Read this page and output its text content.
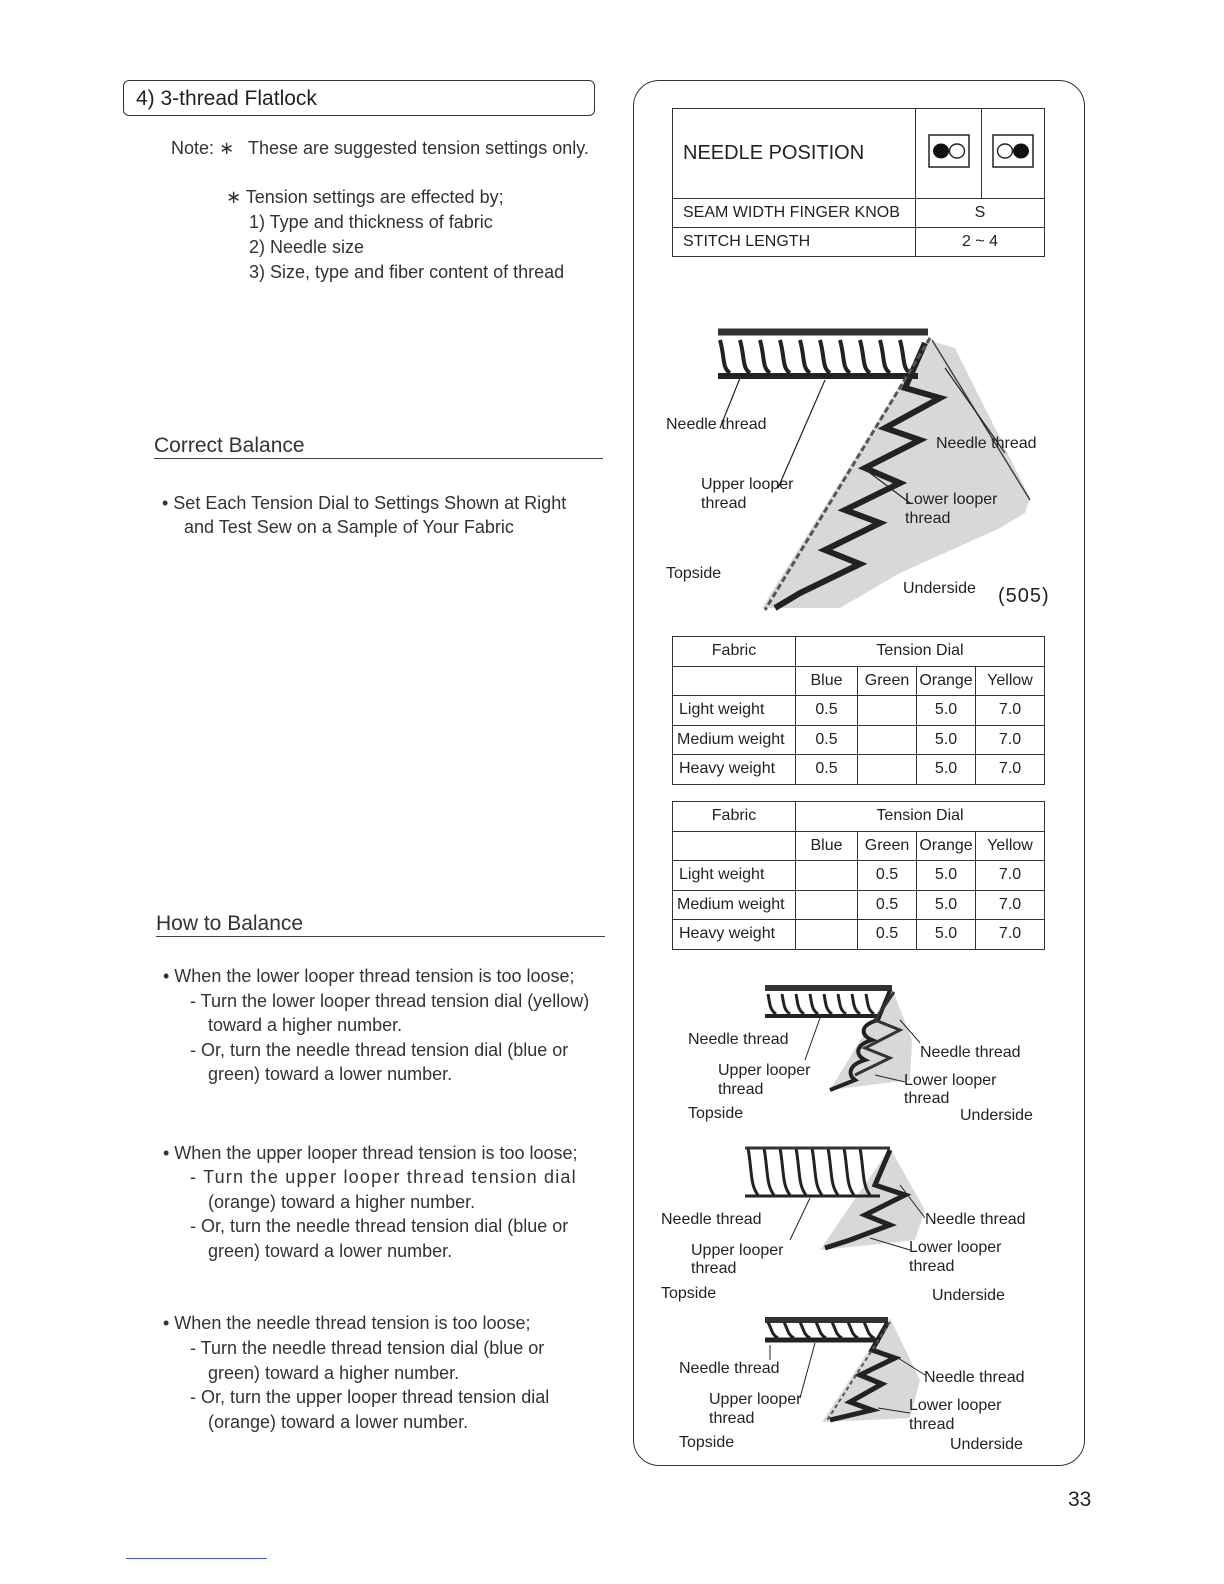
4) 3-thread Flatlock
Note: ∗ These are suggested tension settings only.
∗ Tension settings are effected by;
1) Type and thickness of fabric
2) Needle size
3) Size, type and fiber content of thread
Correct Balance
• Set Each Tension Dial to Settings Shown at Right
and Test Sew on a Sample of Your Fabric
How to Balance
• When the lower looper thread tension is too loose;
- Turn the lower looper thread tension dial (yellow)
toward a higher number.
- Or, turn the needle thread tension dial (blue or
green) toward a lower number.
• When the upper looper thread tension is too loose;
- Turn the upper looper thread tension dial
(orange) toward a higher number.
- Or, turn the needle thread tension dial (blue or
green) toward a lower number.
• When the needle thread tension is too loose;
- Turn the needle thread tension dial (blue or
green) toward a higher number.
- Or, turn the upper looper thread tension dial
(orange) toward a lower number.
NEEDLE POSITION		
SEAM WIDTH FINGER KNOB	S	
STITCH LENGTH	2 ~ 4	
Needle thread
Needle thread
Upper looper
thread	Lower looper
thread
Topside
Underside (505)
Fabric	Tension Dial			
	Blue	Green	Orange	Yellow
Light weight	0.5		5.0	7.0
Medium weight	0.5		5.0	7.0
Heavy weight	0.5		5.0	7.0
Fabric	Tension Dial			
	Blue	Green	Orange	Yellow
Light weight		0.5	5.0	7.0
Medium weight		0.5	5.0	7.0
Heavy weight		0.5	5.0	7.0
Needle thread
Needle thread
Upper looper
thread
Lower looper
thread
Topside	Underside
Needle thread	Needle thread
Upper looper
thread
Lower looper
thread
Topside	Underside
Needle thread
Needle thread
Upper looper
thread
Lower looper
thread
Topside	Underside
33
